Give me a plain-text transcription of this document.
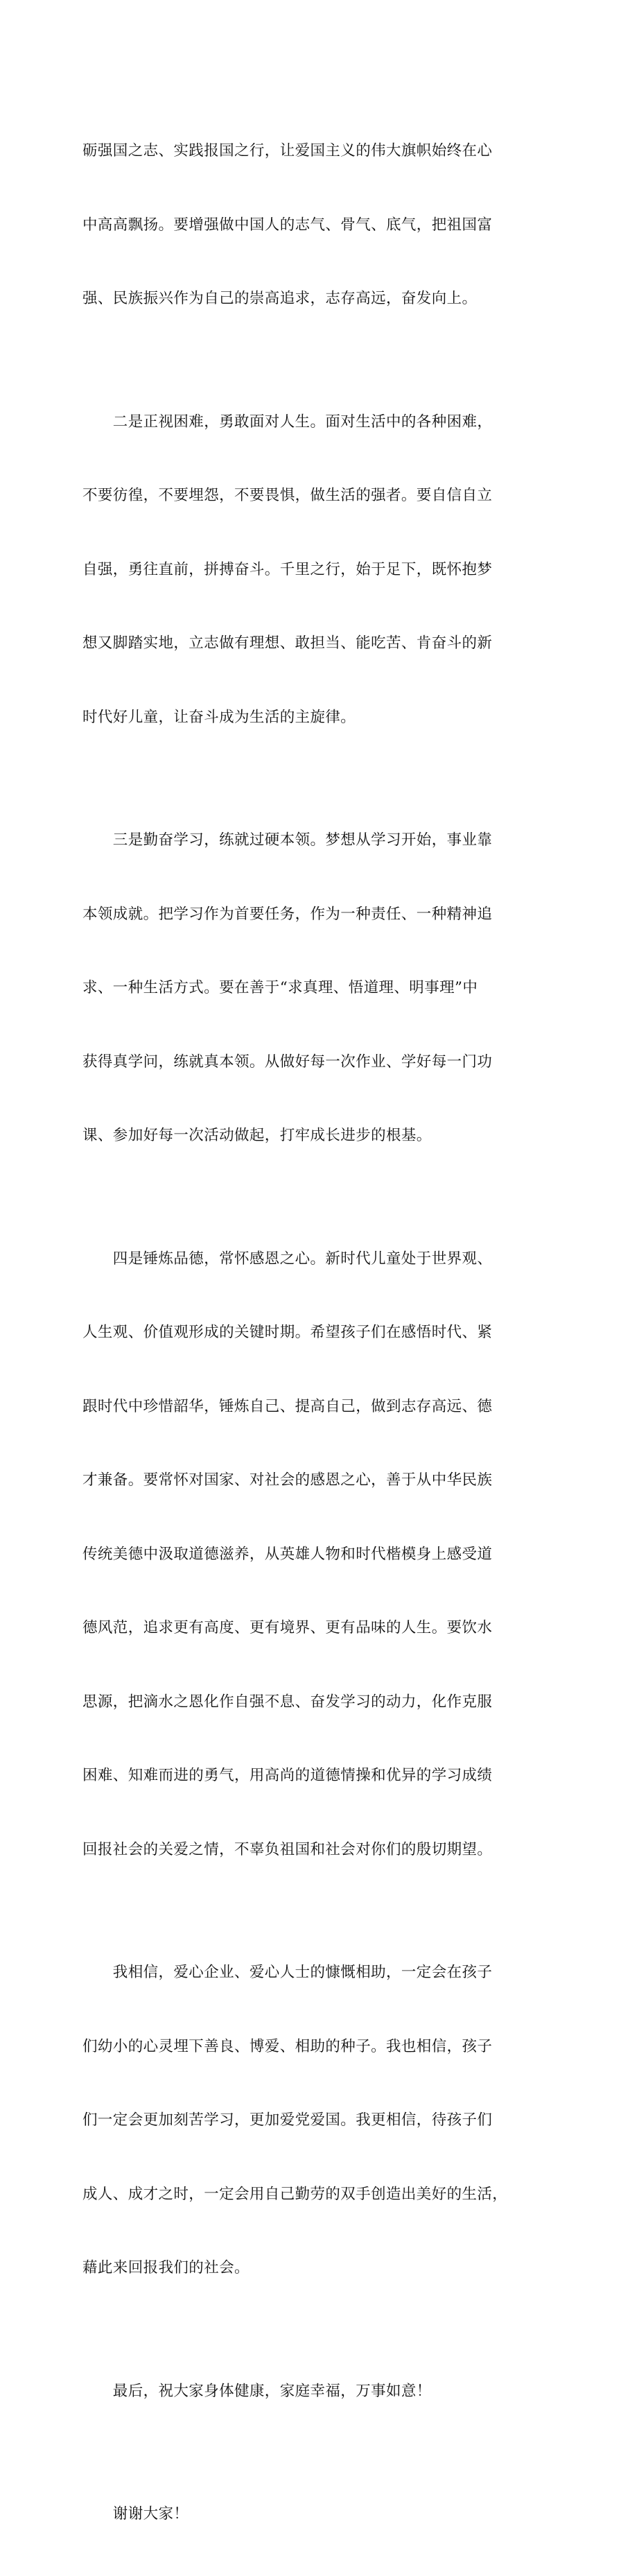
砺强国之志、实践报国之行，让爱国主义的伟大旗帜始终在心

中高高飘扬。要增强做中国人的志气、骨气、底气，把祖国富

强、民族振兴作为自己的崇高追求，志存高远，奋发向上。

　　二是正视困难，勇敢面对人生。面对生活中的各种困难，

不要彷徨，不要埋怨，不要畏惧，做生活的强者。要自信自立

自强，勇往直前，拼搏奋斗。千里之行，始于足下，既怀抱梦

想又脚踏实地，立志做有理想、敢担当、能吃苦、肯奋斗的新

时代好儿童，让奋斗成为生活的主旋律。

　　三是勤奋学习，练就过硬本领。梦想从学习开始，事业靠

本领成就。把学习作为首要任务，作为一种责任、一种精神追

求、一种生活方式。要在善于“求真理、悟道理、明事理”中

获得真学问，练就真本领。从做好每一次作业、学好每一门功

课、参加好每一次活动做起，打牢成长进步的根基。

　　四是锤炼品德，常怀感恩之心。新时代儿童处于世界观、

人生观、价值观形成的关键时期。希望孩子们在感悟时代、紧

跟时代中珍惜韶华，锤炼自己、提高自己，做到志存高远、德

才兼备。要常怀对国家、对社会的感恩之心，善于从中华民族

传统美德中汲取道德滋养，从英雄人物和时代楷模身上感受道

德风范，追求更有高度、更有境界、更有品味的人生。要饮水

思源，把滴水之恩化作自强不息、奋发学习的动力，化作克服

困难、知难而进的勇气，用高尚的道德情操和优异的学习成绩

回报社会的关爱之情，不辜负祖国和社会对你们的殷切期望。

　　我相信，爱心企业、爱心人士的慷慨相助，一定会在孩子

们幼小的心灵埋下善良、博爱、相助的种子。我也相信，孩子

们一定会更加刻苦学习，更加爱党爱国。我更相信，待孩子们

成人、成才之时，一定会用自己勤劳的双手创造出美好的生活，

藉此来回报我们的社会。

　　最后，祝大家身体健康，家庭幸福，万事如意！

　　谢谢大家！
